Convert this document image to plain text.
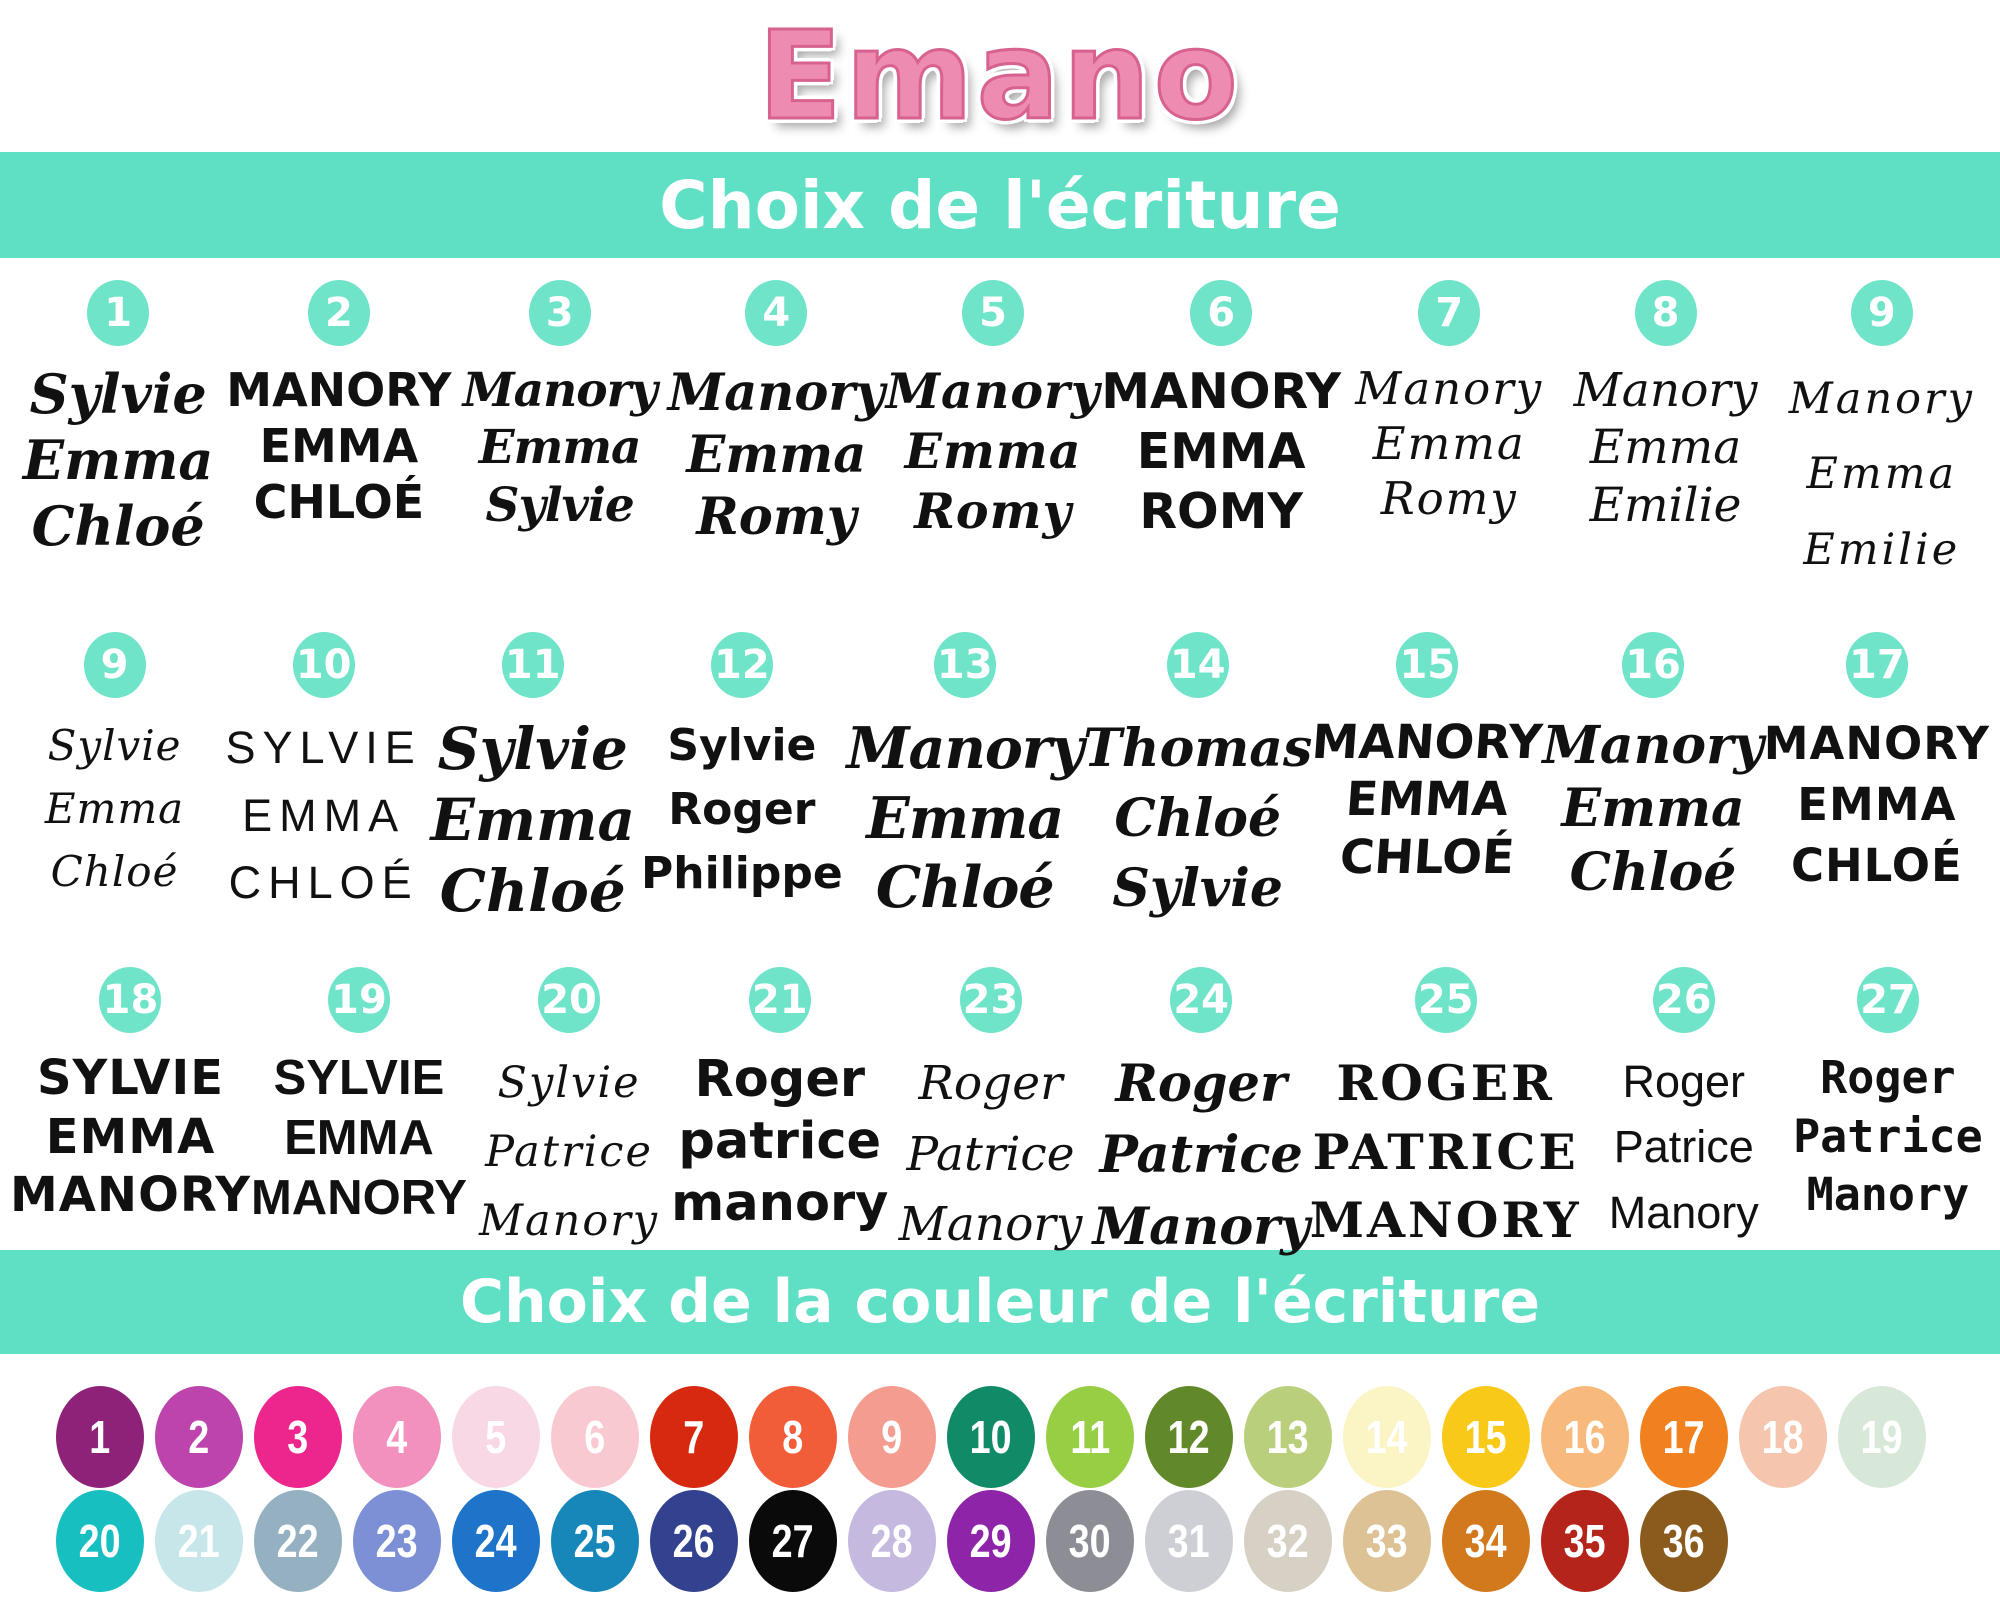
Emano
Choix de l'écriture
1
Sylvie
Emma
Chloé
2
MANORY
EMMA
CHLOÉ
3
Manory
Emma
Sylvie
4
Manory
Emma
Romy
5
Manory
Emma
Romy
6
MANORY
EMMA
ROMY
7
Manory
Emma
Romy
8
Manory
Emma
Emilie
9
Manory
Emma
Emilie
9
Sylvie
Emma
Chloé
10
SYLVIE
EMMA
CHLOÉ
11
Sylvie
Emma
Chloé
12
Sylvie
Roger
Philippe
13
Manory
Emma
Chloé
14
Thomas
Chloé
Sylvie
15
MANORY
EMMA
CHLOÉ
16
Manory
Emma
Chloé
17
MANORY
EMMA
CHLOÉ
18
SYLVIE
EMMA
MANORY
19
SYLVIE
EMMA
MANORY
20
Sylvie
Patrice
Manory
21
Roger
patrice
manory
23
Roger
Patrice
Manory
24
Roger
Patrice
Manory
25
ROGER
PATRICE
MANORY
26
Roger
Patrice
Manory
27
Roger
Patrice
Manory
Choix de la couleur de l'écriture
1 2 3 4 5 6 7 8 9 10 11 12 13 14 15 16 17 18 19
20 21 22 23 24 25 26 27 28 29 30 31 32 33 34 35 36
